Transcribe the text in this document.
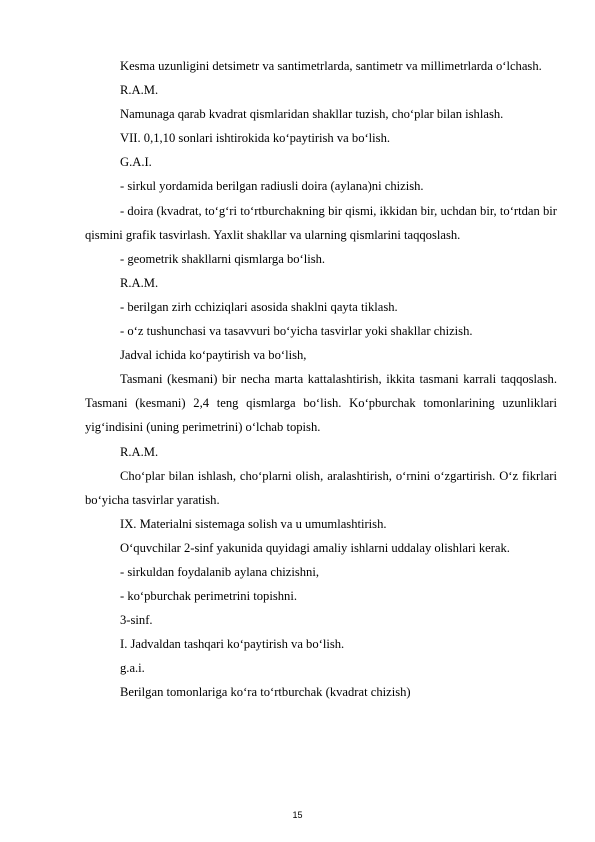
Kesma uzunligini detsimetr va santimetrlarda, santimetr va millimetrlarda o‘lchash.

R.A.M.

Namunaga qarab kvadrat qismlaridan shakllar tuzish, cho‘plar bilan ishlash.

VII. 0,1,10 sonlari ishtirokida ko‘paytirish va bo‘lish.

G.A.I.

- sirkul yordamida berilgan radiusli doira (aylana)ni chizish.

- doira (kvadrat, to‘g‘ri to‘rtburchakning bir qismi, ikkidan bir, uchdan bir, to‘rtdan bir qismini grafik tasvirlash. Yaxlit shakllar va ularning qismlarini taqqoslash.

- geometrik shakllarni qismlarga bo‘lish.

R.A.M.

- berilgan zirh cchiziqlari asosida shaklni qayta tiklash.

- o‘z tushunchasi va tasavvuri bo‘yicha tasvirlar yoki shakllar chizish.

Jadval ichida ko‘paytirish va bo‘lish,

Tasmani (kesmani) bir necha marta kattalashtirish, ikkita tasmani karrali taqqoslash. Tasmani (kesmani) 2,4 teng qismlarga bo‘lish. Ko‘pburchak tomonlarining uzunliklari yig‘indisini (uning perimetrini) o‘lchab topish.

R.A.M.

Cho‘plar bilan ishlash, cho‘plarni olish, aralashtirish, o‘rnini o‘zgartirish. O‘z fikrlari bo‘yicha tasvirlar yaratish.

IX. Materialni sistemaga solish va u umumlashtirish.

O‘quvchilar 2-sinf yakunida quyidagi amaliy ishlarni uddalay olishlari kerak.

- sirkuldan foydalanib aylana chizishni,

- ko‘pburchak perimetrini topishni.

3-sinf.

I. Jadvaldan tashqari ko‘paytirish va bo‘lish.

g.a.i.

Berilgan tomonlariga ko‘ra to‘rtburchak (kvadrat chizish)

15
